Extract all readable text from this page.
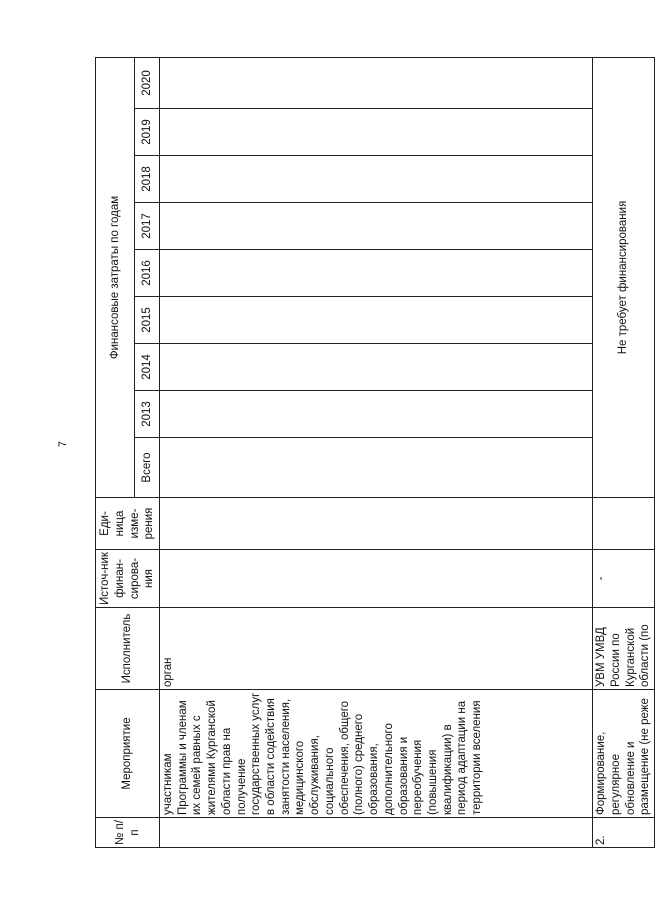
7
№ п/п	Мероприятие	Исполнитель	Источ-ник финан-сирова-ния	Еди-ница изме-рения	Финансовые затраты по годам								
					Всего	2013	2014	2015	2016	2017	2018	2019	2020
	участникам Программы и членам их семей равных с жителями Курганской области прав на получение государственных услуг в области содействия занятости населения, медицинского обслуживания, социального обеспечения, общего (полного) среднего образования, дополнительного образования и переобучения (повышения квалификации) в период адаптации на территории вселения	орган											
2.	Формирование, регулярное обновление и размещение (не реже	УВМ УМВД России по Курганской области (по	-		Не требует финансирования								
